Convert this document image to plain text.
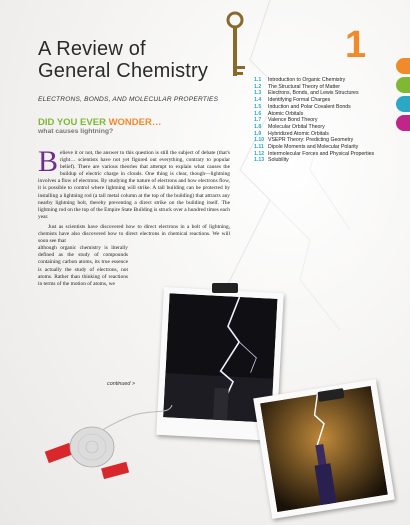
A Review of
General Chemistry
ELECTRONS, BONDS, AND MOLECULAR PROPERTIES
1
DID YOU EVER WONDER…
what causes lightning?

Believe it or not, the answer to this question is still the subject of debate (that's right… scientists have not yet figured out everything, contrary to popular belief). There are various theories that attempt to explain what causes the buildup of electric charge in clouds. One thing is clear, though—lightning involves a flow of electrons. By studying the nature of electrons and how electrons flow, it is possible to control where lightning will strike. A tall building can be protected by installing a lightning rod (a tall metal column at the top of the building) that attracts any nearby lightning bolt, thereby preventing a direct strike on the building itself. The lightning rod on the top of the Empire State Building is struck over a hundred times each year.

Just as scientists have discovered how to direct electrons in a bolt of lightning, chemists have also discovered how to direct electrons in chemical reactions. We will soon see that

although organic chemistry is literally defined as the study of compounds containing carbon atoms, its true essence is actually the study of electrons, not atoms. Rather than thinking of reactions in terms of the motion of atoms, we

continued >
1.1	Introduction to Organic Chemistry
1.2	The Structural Theory of Matter
1.3	Electrons, Bonds, and Lewis Structures
1.4	Identifying Formal Charges
1.5	Induction and Polar Covalent Bonds
1.6	Atomic Orbitals
1.7	Valence Bond Theory
1.8	Molecular Orbital Theory
1.9	Hybridized Atomic Orbitals
1.10 VSEPR Theory: Predicting Geometry
1.11 Dipole Moments and Molecular Polarity
1.12 Intermolecular Forces and Physical Properties
1.13 Solubility
